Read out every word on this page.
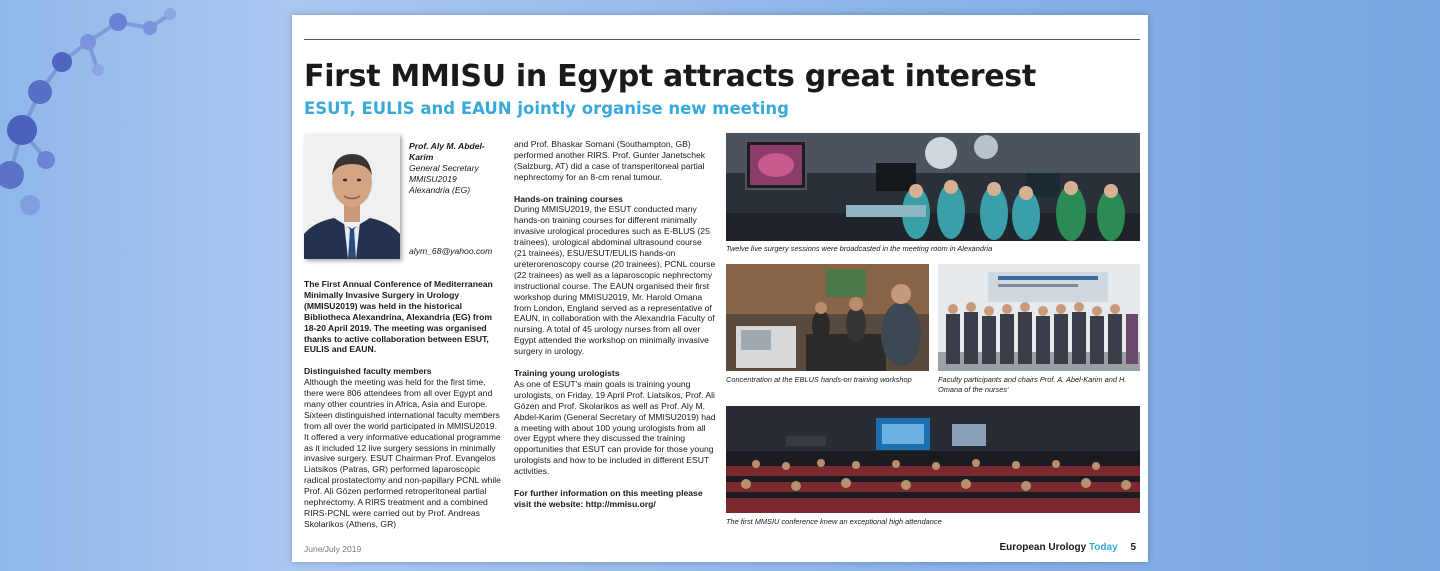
First MMISU in Egypt attracts great interest
ESUT, EULIS and EAUN jointly organise new meeting
Prof. Aly M. Abdel-Karim
General Secretary
MMISU2019
Alexandria (EG)
alym_68@yahoo.com

The First Annual Conference of Mediterranean Minimally Invasive Surgery in Urology (MMISU2019) was held in the historical Bibliotheca Alexandrina, Alexandria (EG) from 18-20 April 2019. The meeting was organised thanks to active collaboration between ESUT, EULIS and EAUN.

Distinguished faculty members

Although the meeting was held for the first time, there were 806 attendees from all over Egypt and many other countries in Africa, Asia and Europe. Sixteen distinguished international faculty members from all over the world participated in MMISU2019. It offered a very informative educational programme as it included 12 live surgery sessions in minimally invasive surgery. ESUT Chairman Prof. Evangelos Liatsikos (Patras, GR) performed laparoscopic radical prostatectomy and non-papillary PCNL while Prof. Ali Gözen performed retroperitoneal partial nephrectomy. A RIRS treatment and a combined RIRS-PCNL were carried out by Prof. Andreas Skolarikos (Athens, GR)

and Prof. Bhaskar Somani (Southampton, GB) performed another RIRS. Prof. Gunter Janetschek (Salzburg, AT) did a case of transperitoneal partial nephrectomy for an 8-cm renal tumour.

Hands-on training courses

During MMISU2019, the ESUT conducted many hands-on training courses for different minimally invasive urological procedures such as E-BLUS (25 trainees), urological abdominal ultrasound course (21 trainees), ESU/ESUT/EULIS hands-on ureterorenoscopy course (20 trainees), PCNL course (22 trainees) as well as a laparoscopic nephrectomy instructional course. The EAUN organised their first workshop during MMISU2019, Mr. Harold Omana from London, England served as a representative of EAUN, in collaboration with the Alexandria Faculty of nursing. A total of 45 urology nurses from all over Egypt attended the workshop on minimally invasive surgery in urology.

Training young urologists

As one of ESUT's main goals is training young urologists, on Friday, 19 April Prof. Liatsikos, Prof. Ali Gözen and Prof. Skolarikos as well as Prof. Aly M. Abdel-Karim (General Secretary of MMISU2019) had a meeting with about 100 young urologists from all over Egypt where they discussed the training opportunities that ESUT can provide for those young urologists and how to be included in different ESUT activities.

For further information on this meeting please visit the website: http://mmisu.org/

Twelve live surgery sessions were broadcasted in the meeting room in Alexandria
Concentration at the EBLUS hands-on training workshop	Faculty participants and chairs Prof. A. Abel-Karim and H. Omana of the nurses'
The first MMSIU conference knew an exceptional high attendance
June/July 2019	European Urology Today 5
